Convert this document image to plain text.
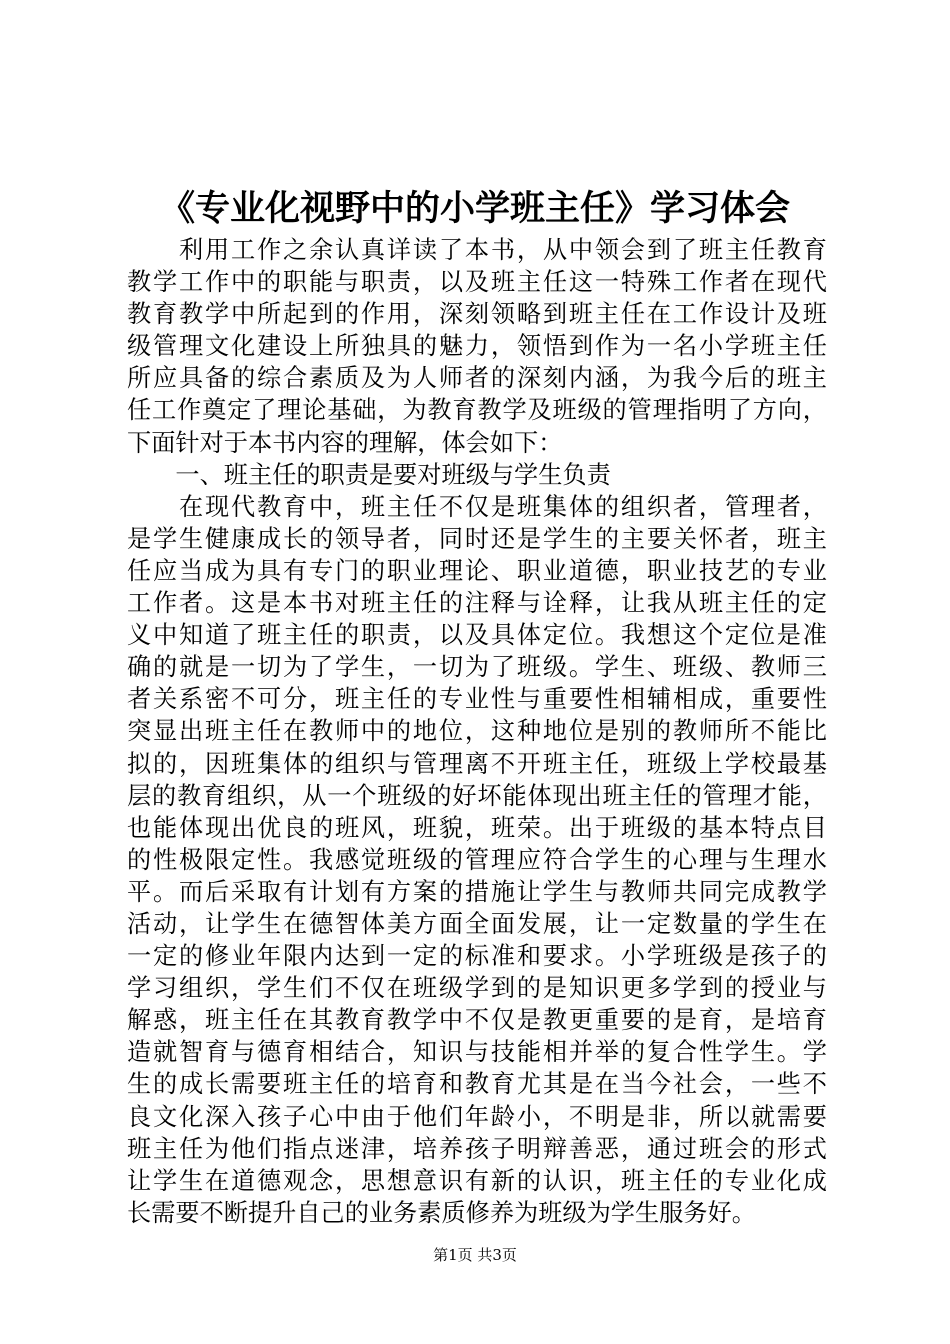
《专业化视野中的小学班主任》学习体会
　　利用工作之余认真详读了本书，从中领会到了班主任教育
教学工作中的职能与职责，以及班主任这一特殊工作者在现代
教育教学中所起到的作用，深刻领略到班主任在工作设计及班
级管理文化建设上所独具的魅力，领悟到作为一名小学班主任
所应具备的综合素质及为人师者的深刻内涵，为我今后的班主
任工作奠定了理论基础，为教育教学及班级的管理指明了方向，
下面针对于本书内容的理解，体会如下：
　　一、班主任的职责是要对班级与学生负责
　　在现代教育中，班主任不仅是班集体的组织者，管理者，
是学生健康成长的领导者，同时还是学生的主要关怀者，班主
任应当成为具有专门的职业理论、职业道德，职业技艺的专业
工作者。这是本书对班主任的注释与诠释，让我从班主任的定
义中知道了班主任的职责，以及具体定位。我想这个定位是准
确的就是一切为了学生，一切为了班级。学生、班级、教师三
者关系密不可分，班主任的专业性与重要性相辅相成，重要性
突显出班主任在教师中的地位，这种地位是别的教师所不能比
拟的，因班集体的组织与管理离不开班主任，班级上学校最基
层的教育组织，从一个班级的好坏能体现出班主任的管理才能，
也能体现出优良的班风，班貌，班荣。出于班级的基本特点目
的性极限定性。我感觉班级的管理应符合学生的心理与生理水
平。而后采取有计划有方案的措施让学生与教师共同完成教学
活动，让学生在德智体美方面全面发展，让一定数量的学生在
一定的修业年限内达到一定的标准和要求。小学班级是孩子的
学习组织，学生们不仅在班级学到的是知识更多学到的授业与
解惑，班主任在其教育教学中不仅是教更重要的是育，是培育
造就智育与德育相结合，知识与技能相并举的复合性学生。学
生的成长需要班主任的培育和教育尤其是在当今社会，一些不
良文化深入孩子心中由于他们年龄小，不明是非，所以就需要
班主任为他们指点迷津，培养孩子明辩善恶，通过班会的形式
让学生在道德观念，思想意识有新的认识，班主任的专业化成
长需要不断提升自己的业务素质修养为班级为学生服务好。
第1页 共3页
